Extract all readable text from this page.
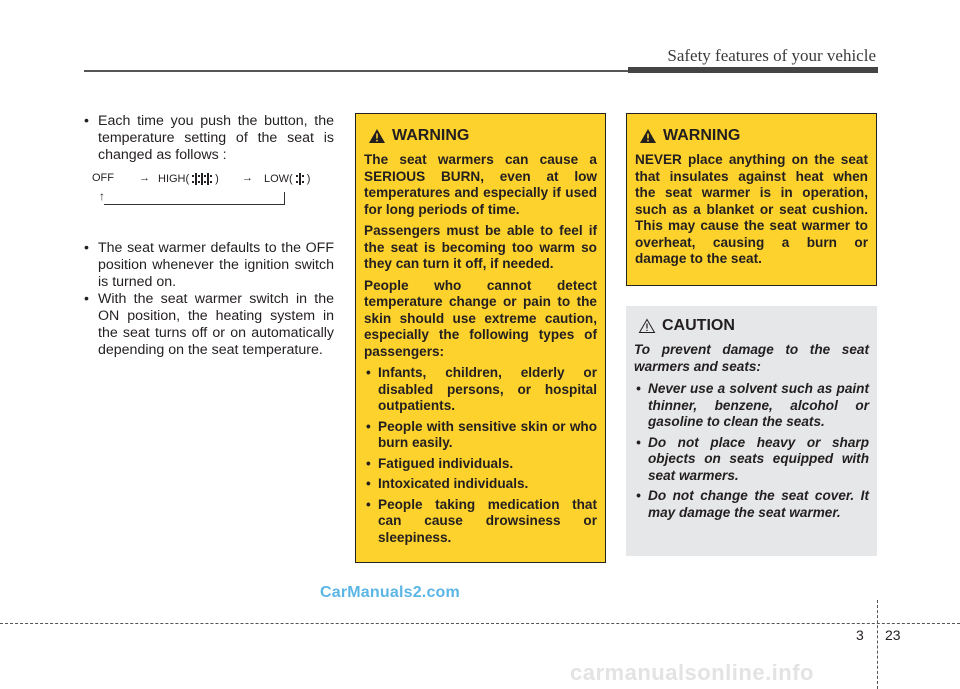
Safety features of your vehicle

• Each time you push the button, the temperature setting of the seat is changed as follows :

• The seat warmer defaults to the OFF position whenever the ignition switch is turned on.

• With the seat warmer switch in the ON position, the heating system in the seat turns off or on automatically depending on the seat temperature.

OFF → HIGH( ) → LOW( )
↑
WARNING

The seat warmers can cause a SERIOUS BURN, even at low temperatures and especially if used for long periods of time.

Passengers must be able to feel if the seat is becoming too warm so they can turn it off, if needed.

People who cannot detect temperature change or pain to the skin should use extreme caution, especially the following types of passengers:

• Infants, children, elderly or disabled persons, or hospital outpatients.
• People with sensitive skin or who burn easily.
• Fatigued individuals.
• Intoxicated individuals.
• People taking medication that can cause drowsiness or sleepiness.
WARNING

NEVER place anything on the seat that insulates against heat when the seat warmer is in operation, such as a blanket or seat cushion. This may cause the seat warmer to overheat, causing a burn or damage to the seat.

CAUTION

To prevent damage to the seat warmers and seats:

• Never use a solvent such as paint thinner, benzene, alcohol or gasoline to clean the seats.
• Do not place heavy or sharp objects on seats equipped with seat warmers.
• Do not change the seat cover. It may damage the seat warmer.
CarManuals2.com
3 23
carmanualsonline.info
